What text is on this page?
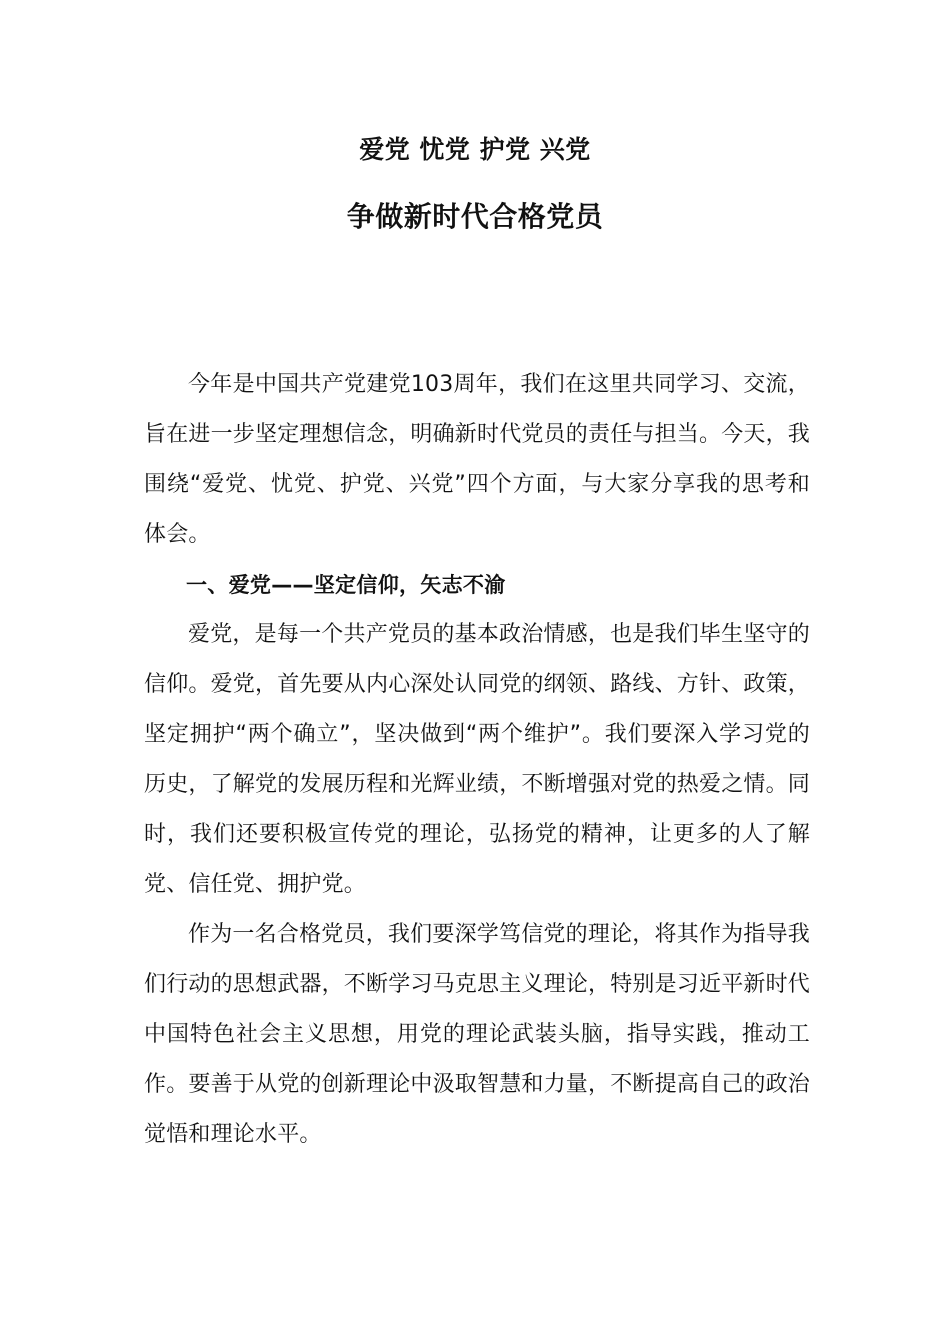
爱党 忧党 护党 兴党
争做新时代合格党员

今年是中国共产党建党103周年，我们在这里共同学习、交流，旨在进一步坚定理想信念，明确新时代党员的责任与担当。今天，我围绕“爱党、忧党、护党、兴党”四个方面，与大家分享我的思考和体会。

一、爱党——坚定信仰，矢志不渝

爱党，是每一个共产党员的基本政治情感，也是我们毕生坚守的信仰。爱党，首先要从内心深处认同党的纲领、路线、方针、政策，坚定拥护“两个确立”，坚决做到“两个维护”。我们要深入学习党的历史，了解党的发展历程和光辉业绩，不断增强对党的热爱之情。同时，我们还要积极宣传党的理论，弘扬党的精神，让更多的人了解党、信任党、拥护党。

作为一名合格党员，我们要深学笃信党的理论，将其作为指导我们行动的思想武器，不断学习马克思主义理论，特别是习近平新时代中国特色社会主义思想，用党的理论武装头脑，指导实践，推动工作。要善于从党的创新理论中汲取智慧和力量，不断提高自己的政治觉悟和理论水平。
